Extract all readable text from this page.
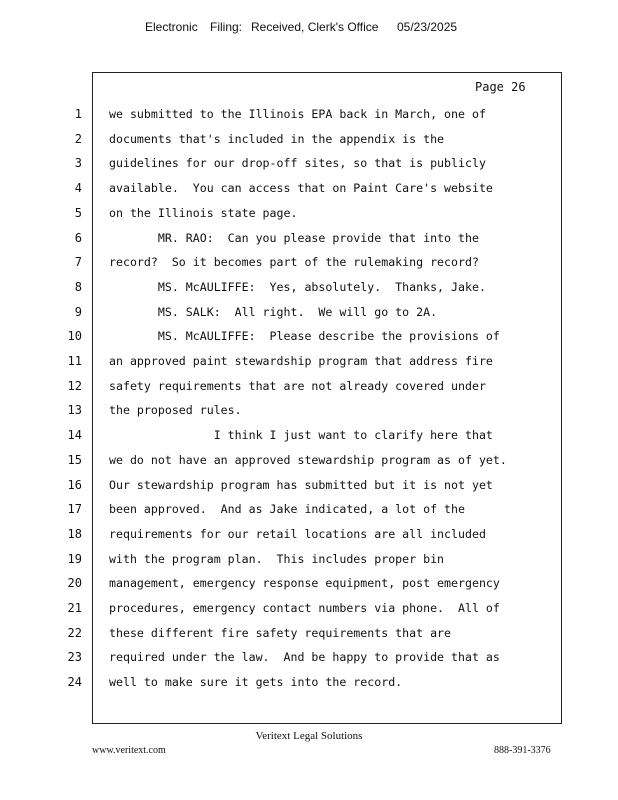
Electronic Filing: Received, Clerk's Office 05/23/2025
Page 26
1 we submitted to the Illinois EPA back in March, one of
2 documents that's included in the appendix is the
3 guidelines for our drop-off sites, so that is publicly
4 available.  You can access that on Paint Care's website
5 on the Illinois state page.
6 MR. RAO:  Can you please provide that into the
7 record?  So it becomes part of the rulemaking record?
8 MS. McAULIFFE:  Yes, absolutely.  Thanks, Jake.
9 MS. SALK:  All right.  We will go to 2A.
10 MS. McAULIFFE:  Please describe the provisions of
11 an approved paint stewardship program that address fire
12 safety requirements that are not already covered under
13 the proposed rules.
14 I think I just want to clarify here that
15 we do not have an approved stewardship program as of yet.
16 Our stewardship program has submitted but it is not yet
17 been approved.  And as Jake indicated, a lot of the
18 requirements for our retail locations are all included
19 with the program plan.  This includes proper bin
20 management, emergency response equipment, post emergency
21 procedures, emergency contact numbers via phone.  All of
22 these different fire safety requirements that are
23 required under the law.  And be happy to provide that as
24 well to make sure it gets into the record.
Veritext Legal Solutions
www.veritext.com	888-391-3376
